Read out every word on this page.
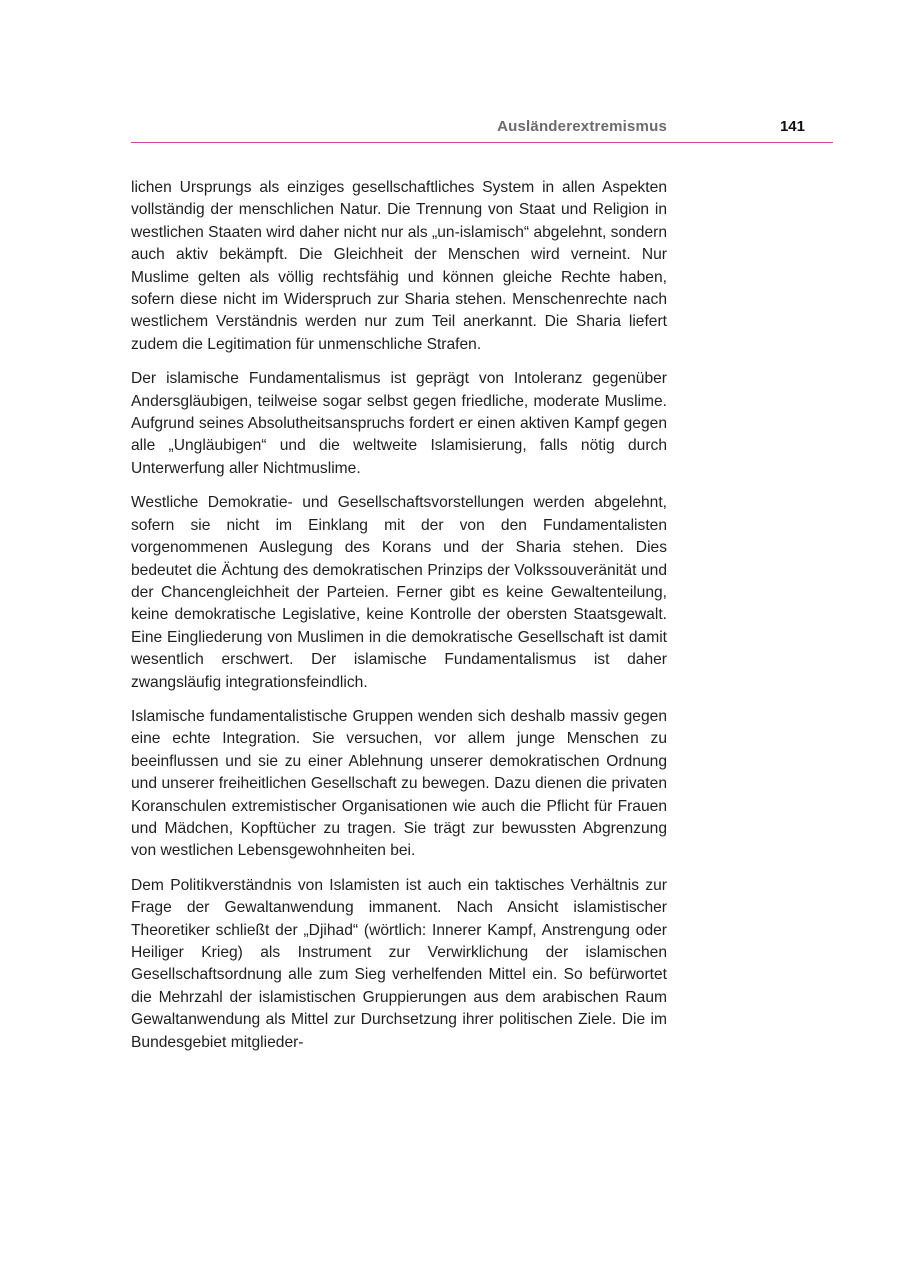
Ausländerextremismus	141

lichen Ursprungs als einziges gesellschaftliches System in allen Aspekten vollständig der menschlichen Natur. Die Trennung von Staat und Religion in westlichen Staaten wird daher nicht nur als „un-islamisch“ abgelehnt, sondern auch aktiv bekämpft. Die Gleichheit der Menschen wird verneint. Nur Muslime gelten als völlig rechtsfähig und können gleiche Rechte haben, sofern diese nicht im Widerspruch zur Sharia stehen. Menschenrechte nach westlichem Verständnis werden nur zum Teil anerkannt. Die Sharia liefert zudem die Legitimation für unmenschliche Strafen.

Der islamische Fundamentalismus ist geprägt von Intoleranz gegenüber Andersgläubigen, teilweise sogar selbst gegen friedliche, moderate Muslime. Aufgrund seines Absolutheitsanspruchs fordert er einen aktiven Kampf gegen alle „Ungläubigen“ und die weltweite Islamisierung, falls nötig durch Unterwerfung aller Nichtmuslime.

Westliche Demokratie- und Gesellschaftsvorstellungen werden abgelehnt, sofern sie nicht im Einklang mit der von den Fundamentalisten vorgenommenen Auslegung des Korans und der Sharia stehen. Dies bedeutet die Ächtung des demokratischen Prinzips der Volkssouveränität und der Chancengleichheit der Parteien. Ferner gibt es keine Gewaltenteilung, keine demokratische Legislative, keine Kontrolle der obersten Staatsgewalt. Eine Eingliederung von Muslimen in die demokratische Gesellschaft ist damit wesentlich erschwert. Der islamische Fundamentalismus ist daher zwangsläufig integrationsfeindlich.

Islamische fundamentalistische Gruppen wenden sich deshalb massiv gegen eine echte Integration. Sie versuchen, vor allem junge Menschen zu beeinflussen und sie zu einer Ablehnung unserer demokratischen Ordnung und unserer freiheitlichen Gesellschaft zu bewegen. Dazu dienen die privaten Koranschulen extremistischer Organisationen wie auch die Pflicht für Frauen und Mädchen, Kopftücher zu tragen. Sie trägt zur bewussten Abgrenzung von westlichen Lebensgewohnheiten bei.

Dem Politikverständnis von Islamisten ist auch ein taktisches Verhältnis zur Frage der Gewaltanwendung immanent. Nach Ansicht islamistischer Theoretiker schließt der „Djihad“ (wörtlich: Innerer Kampf, Anstrengung oder Heiliger Krieg) als Instrument zur Verwirklichung der islamischen Gesellschaftsordnung alle zum Sieg verhelfenden Mittel ein. So befürwortet die Mehrzahl der islamistischen Gruppierungen aus dem arabischen Raum Gewaltanwendung als Mittel zur Durchsetzung ihrer politischen Ziele. Die im Bundesgebiet mitglieder-
